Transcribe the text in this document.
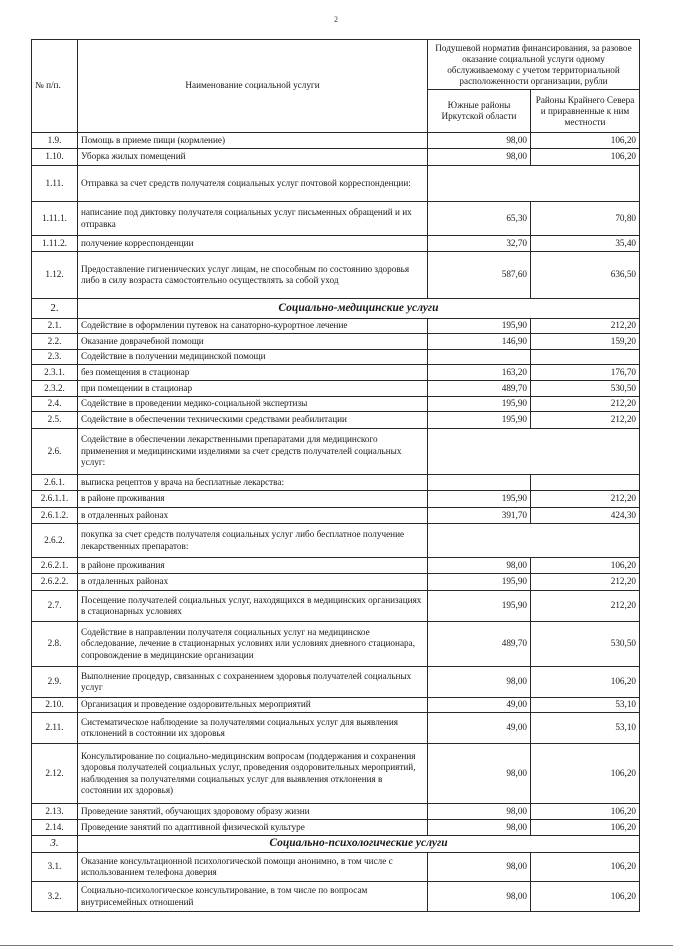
2
№ п/п.	Наименование социальной услуги	Подушевой норматив финансирования, за разовое оказание социальной услуги одному обслуживаемому с учетом территориальной расположенности организации, рубли	
		Южные районы Иркутской области	Районы Крайнего Севера и приравненные к ним местности
1.9.	Помощь в приеме пищи (кормление)	98,00	106,20
1.10.	Уборка жилых помещений	98,00	106,20
1.11.	Отправка за счет средств получателя социальных услуг почтовой корреспонденции:		
1.11.1.	написание под диктовку получателя социальных услуг письменных обращений и их отправка	65,30	70,80
1.11.2.	получение корреспонденции	32,70	35,40
1.12.	Предоставление гигиенических услуг лицам, не способным по состоянию здоровья либо в силу возраста самостоятельно осуществлять за собой уход	587,60	636,50
2.	Социально-медицинские услуги		
2.1.	Содействие в оформлении путевок на санаторно-курортное лечение	195,90	212,20
2.2.	Оказание доврачебной помощи	146,90	159,20
2.3.	Содействие в получении медицинской помощи		
2.3.1.	без помещения в стационар	163,20	176,70
2.3.2.	при помещении в стационар	489,70	530,50
2.4.	Содействие в проведении медико-социальной экспертизы	195,90	212,20
2.5.	Содействие в обеспечении техническими средствами реабилитации	195,90	212,20
2.6.	Содействие в обеспечении лекарственными препаратами для медицинского применения и медицинскими изделиями за счет средств получателей социальных услуг:		
2.6.1.	выписка рецептов у врача на бесплатные лекарства:		
2.6.1.1.	в районе проживания	195,90	212,20
2.6.1.2.	в отдаленных районах	391,70	424,30
2.6.2.	покупка за счет средств получателя социальных услуг либо бесплатное получение лекарственных препаратов:		
2.6.2.1.	в районе проживания	98,00	106,20
2.6.2.2.	в отдаленных районах	195,90	212,20
2.7.	Посещение получателей социальных услуг, находящихся в медицинских организациях в стационарных условиях	195,90	212,20
2.8.	Содействие в направлении получателя социальных услуг на медицинское обследование, лечение в стационарных условиях или условиях дневного стационара, сопровождение в медицинские организации	489,70	530,50
2.9.	Выполнение процедур, связанных с сохранением здоровья получателей социальных услуг	98,00	106,20
2.10.	Организация и проведение оздоровительных мероприятий	49,00	53,10
2.11.	Систематическое наблюдение за получателями социальных услуг для выявления отклонений в состоянии их здоровья	49,00	53,10
2.12.	Консультирование по социально-медицинским вопросам (поддержания и сохранения здоровья получателей социальных услуг, проведения оздоровительных мероприятий, наблюдения за получателями социальных услуг для выявления отклонения в состоянии их здоровья)	98,00	106,20
2.13.	Проведение занятий, обучающих здоровому образу жизни	98,00	106,20
2.14.	Проведение занятий по адаптивной физической культуре	98,00	106,20
3.	Социально-психологические услуги		
3.1.	Оказание консультационной психологической помощи анонимно, в том числе с использованием телефона доверия	98,00	106,20
3.2.	Социально-психологическое консультирование, в том числе по вопросам внутрисемейных отношений	98,00	106,20
